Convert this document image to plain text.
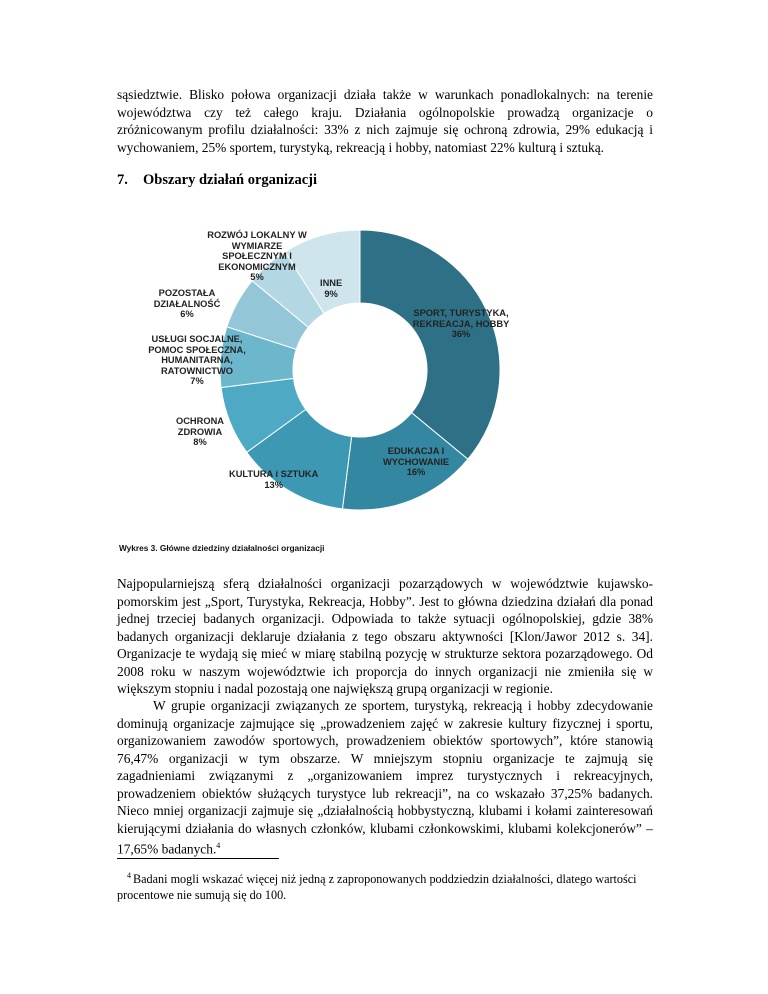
sąsiedztwie. Blisko połowa organizacji działa także w warunkach ponadlokalnych: na terenie województwa czy też całego kraju. Działania ogólnopolskie prowadzą organizacje o zróżnicowanym profilu działalności: 33% z nich zajmuje się ochroną zdrowia, 29% edukacją i wychowaniem, 25% sportem, turystyką, rekreacją i hobby, natomiast 22% kulturą i sztuką.

7. Obszary działań organizacji
SPORT, TURYSTYKA, REKREACJA, HOBBY
36%
EDUKACJA I WYCHOWANIE
16%
KULTURA i SZTUKA
13%
OCHRONA ZDROWIA
8%
USŁUGI SOCJALNE, POMOC SPOŁECZNA, HUMANITARNA, RATOWNICTWO
7%
POZOSTAŁA DZIAŁALNOŚĆ
6%
ROZWÓJ LOKALNY W WYMIARZE SPOŁECZNYM I EKONOMICZNYM
5%
INNE
9%
Wykres 3. Główne dziedziny działalności organizacji

Najpopularniejszą sferą działalności organizacji pozarządowych w województwie kujawsko-pomorskim jest „Sport, Turystyka, Rekreacja, Hobby”. Jest to główna dziedzina działań dla ponad jednej trzeciej badanych organizacji. Odpowiada to także sytuacji ogólnopolskiej, gdzie 38% badanych organizacji deklaruje działania z tego obszaru aktywności [Klon/Jawor 2012 s. 34]. Organizacje te wydają się mieć w miarę stabilną pozycję w strukturze sektora pozarządowego. Od 2008 roku w naszym województwie ich proporcja do innych organizacji nie zmieniła się w większym stopniu i nadal pozostają one największą grupą organizacji w regionie.

W grupie organizacji związanych ze sportem, turystyką, rekreacją i hobby zdecydowanie dominują organizacje zajmujące się „prowadzeniem zajęć w zakresie kultury fizycznej i sportu, organizowaniem zawodów sportowych, prowadzeniem obiektów sportowych”, które stanowią 76,47% organizacji w tym obszarze. W mniejszym stopniu organizacje te zajmują się zagadnieniami związanymi z „organizowaniem imprez turystycznych i rekreacyjnych, prowadzeniem obiektów służących turystyce lub rekreacji”, na co wskazało 37,25% badanych. Nieco mniej organizacji zajmuje się „działalnością hobbystyczną, klubami i kołami zainteresowań kierującymi działania do własnych członków, klubami członkowskimi, klubami kolekcjonerów” – 17,65% badanych.$^4$

$^4$ Badani mogli wskazać więcej niż jedną z zaproponowanych poddziedzin działalności, dlatego wartości procentowe nie sumują się do 100.
